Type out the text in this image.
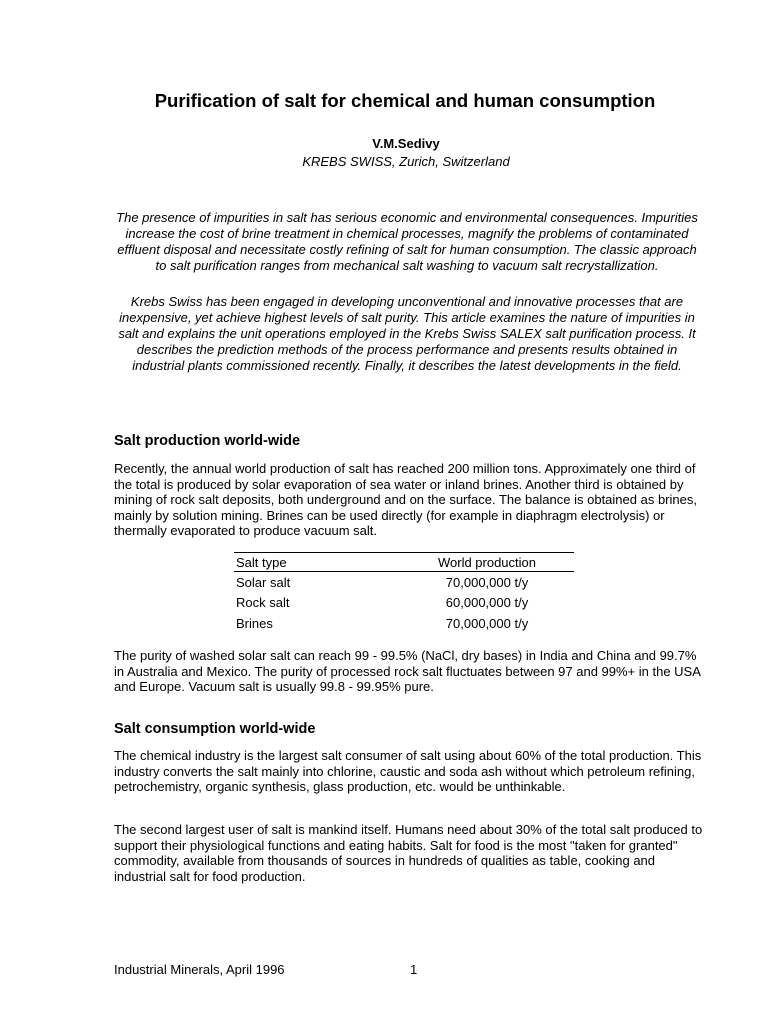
Purification of salt for chemical and human consumption

V.M.Sedivy

KREBS SWISS, Zurich, Switzerland

The presence of impurities in salt has serious economic and environmental consequences. Impurities increase the cost of brine treatment in chemical processes, magnify the problems of contaminated effluent disposal and necessitate costly refining of salt for human consumption. The classic approach to salt purification ranges from mechanical salt washing to vacuum salt recrystallization.

Krebs Swiss has been engaged in developing unconventional and innovative processes that are inexpensive, yet achieve highest levels of salt purity. This article examines the nature of impurities in salt and explains the unit operations employed in the Krebs Swiss SALEX salt purification process. It describes the prediction methods of the process performance and presents results obtained in industrial plants commissioned recently. Finally, it describes the latest developments in the field.

Salt production world-wide

Recently, the annual world production of salt has reached 200 million tons. Approximately one third of the total is produced by solar evaporation of sea water or inland brines. Another third is obtained by mining of rock salt deposits, both underground and on the surface. The balance is obtained as brines, mainly by solution mining. Brines can be used directly (for example in diaphragm electrolysis) or thermally evaporated to produce vacuum salt.

Salt type	World production
Solar salt	70,000,000 t/y
Rock salt	60,000,000 t/y
Brines	70,000,000 t/y

The purity of washed solar salt can reach 99 - 99.5% (NaCl, dry bases) in India and China and 99.7% in Australia and Mexico. The purity of processed rock salt fluctuates between 97 and 99%+ in the USA and Europe. Vacuum salt is usually 99.8 - 99.95% pure.

Salt consumption world-wide

The chemical industry is the largest salt consumer of salt using about 60% of the total production. This industry converts the salt mainly into chlorine, caustic and soda ash without which petroleum refining, petrochemistry, organic synthesis, glass production, etc. would be unthinkable.

The second largest user of salt is mankind itself. Humans need about 30% of the total salt produced to support their physiological functions and eating habits. Salt for food is the most "taken for granted" commodity, available from thousands of sources in hundreds of qualities as table, cooking and industrial salt for food production.

Industrial Minerals, April 1996	1
